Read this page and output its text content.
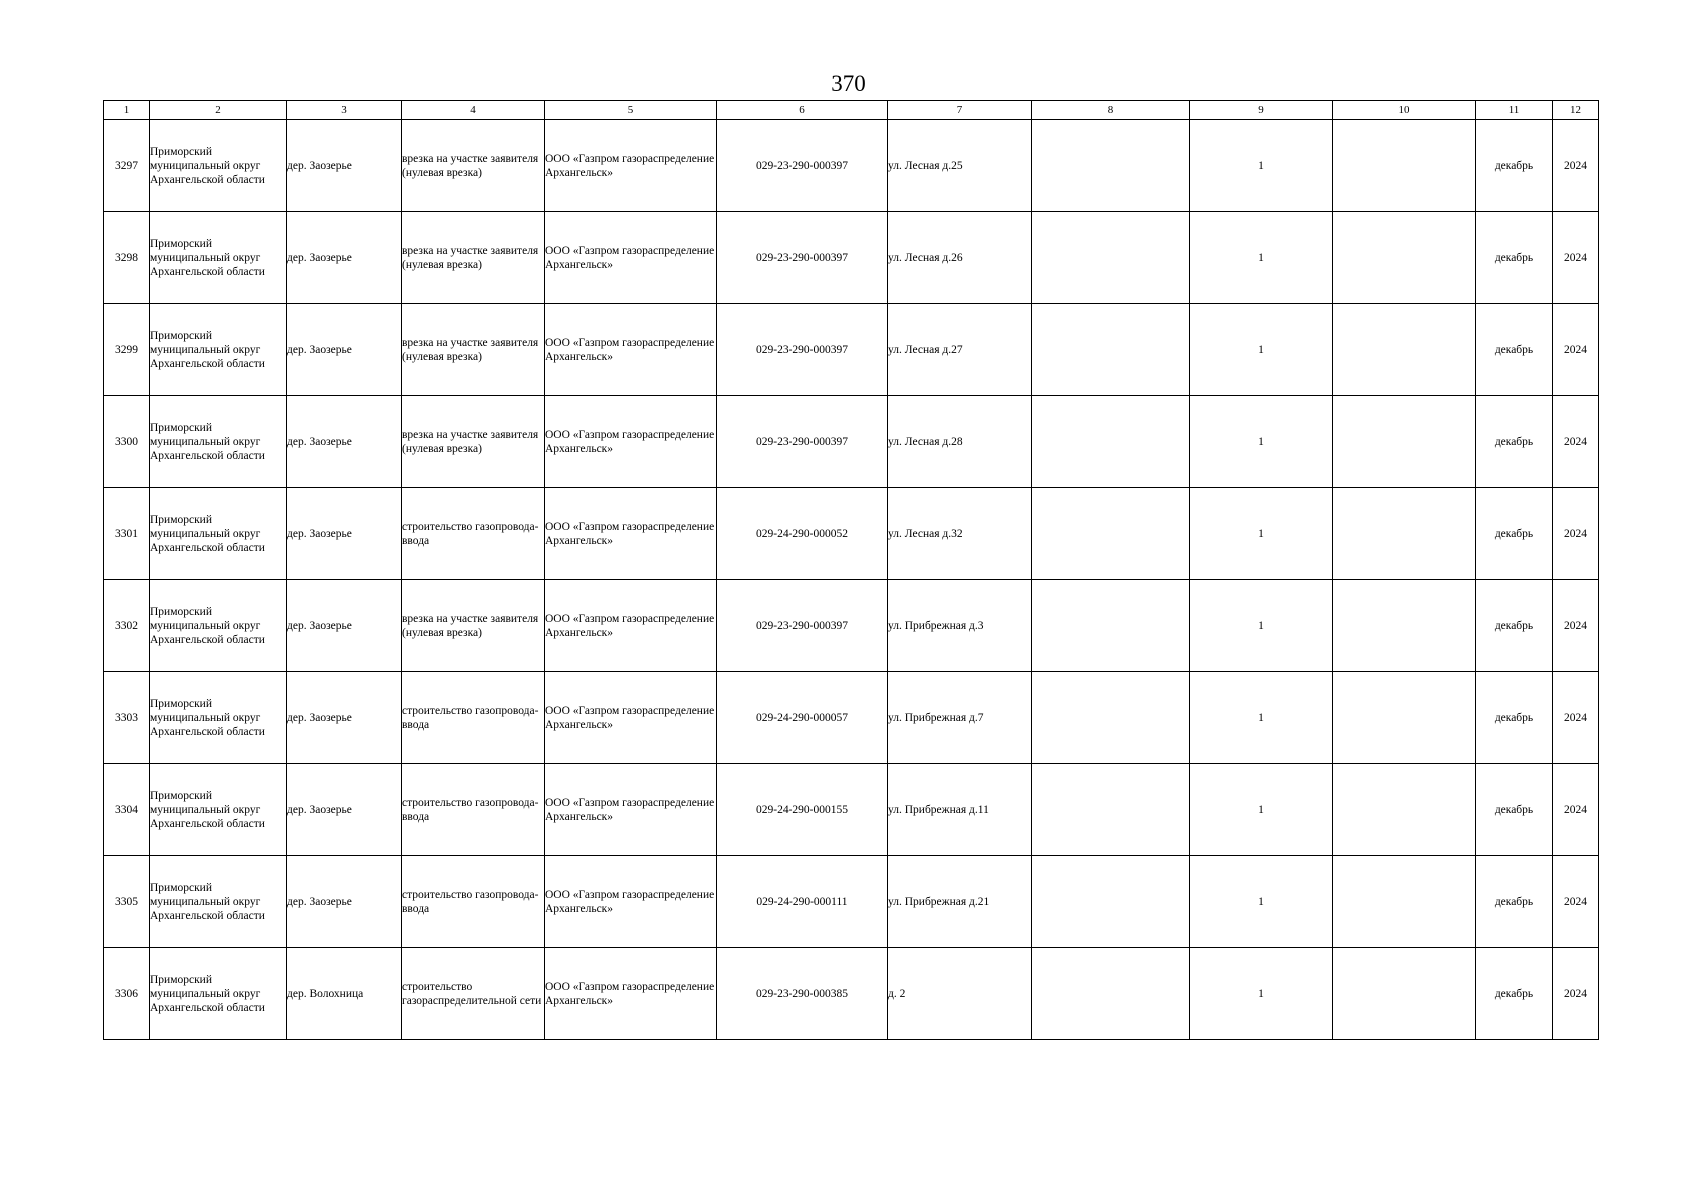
370
1	2	3	4	5	6	7	8	9	10	11	12
3297	Приморский муниципальный округ Архангельской области	дер. Заозерье	врезка на участке заявителя (нулевая врезка)	ООО «Газпром газораспределение Архангельск»	029-23-290-000397	ул. Лесная д.25		1		декабрь	2024
3298	Приморский муниципальный округ Архангельской области	дер. Заозерье	врезка на участке заявителя (нулевая врезка)	ООО «Газпром газораспределение Архангельск»	029-23-290-000397	ул. Лесная д.26		1		декабрь	2024
3299	Приморский муниципальный округ Архангельской области	дер. Заозерье	врезка на участке заявителя (нулевая врезка)	ООО «Газпром газораспределение Архангельск»	029-23-290-000397	ул. Лесная д.27		1		декабрь	2024
3300	Приморский муниципальный округ Архангельской области	дер. Заозерье	врезка на участке заявителя (нулевая врезка)	ООО «Газпром газораспределение Архангельск»	029-23-290-000397	ул. Лесная д.28		1		декабрь	2024
3301	Приморский муниципальный округ Архангельской области	дер. Заозерье	строительство газопровода-ввода	ООО «Газпром газораспределение Архангельск»	029-24-290-000052	ул. Лесная д.32		1		декабрь	2024
3302	Приморский муниципальный округ Архангельской области	дер. Заозерье	врезка на участке заявителя (нулевая врезка)	ООО «Газпром газораспределение Архангельск»	029-23-290-000397	ул. Прибрежная д.3		1		декабрь	2024
3303	Приморский муниципальный округ Архангельской области	дер. Заозерье	строительство газопровода-ввода	ООО «Газпром газораспределение Архангельск»	029-24-290-000057	ул. Прибрежная д.7		1		декабрь	2024
3304	Приморский муниципальный округ Архангельской области	дер. Заозерье	строительство газопровода-ввода	ООО «Газпром газораспределение Архангельск»	029-24-290-000155	ул. Прибрежная д.11		1		декабрь	2024
3305	Приморский муниципальный округ Архангельской области	дер. Заозерье	строительство газопровода-ввода	ООО «Газпром газораспределение Архангельск»	029-24-290-000111	ул. Прибрежная д.21		1		декабрь	2024
3306	Приморский муниципальный округ Архангельской области	дер. Волохница	строительство газораспределительной сети	ООО «Газпром газораспределение Архангельск»	029-23-290-000385	д. 2		1		декабрь	2024
